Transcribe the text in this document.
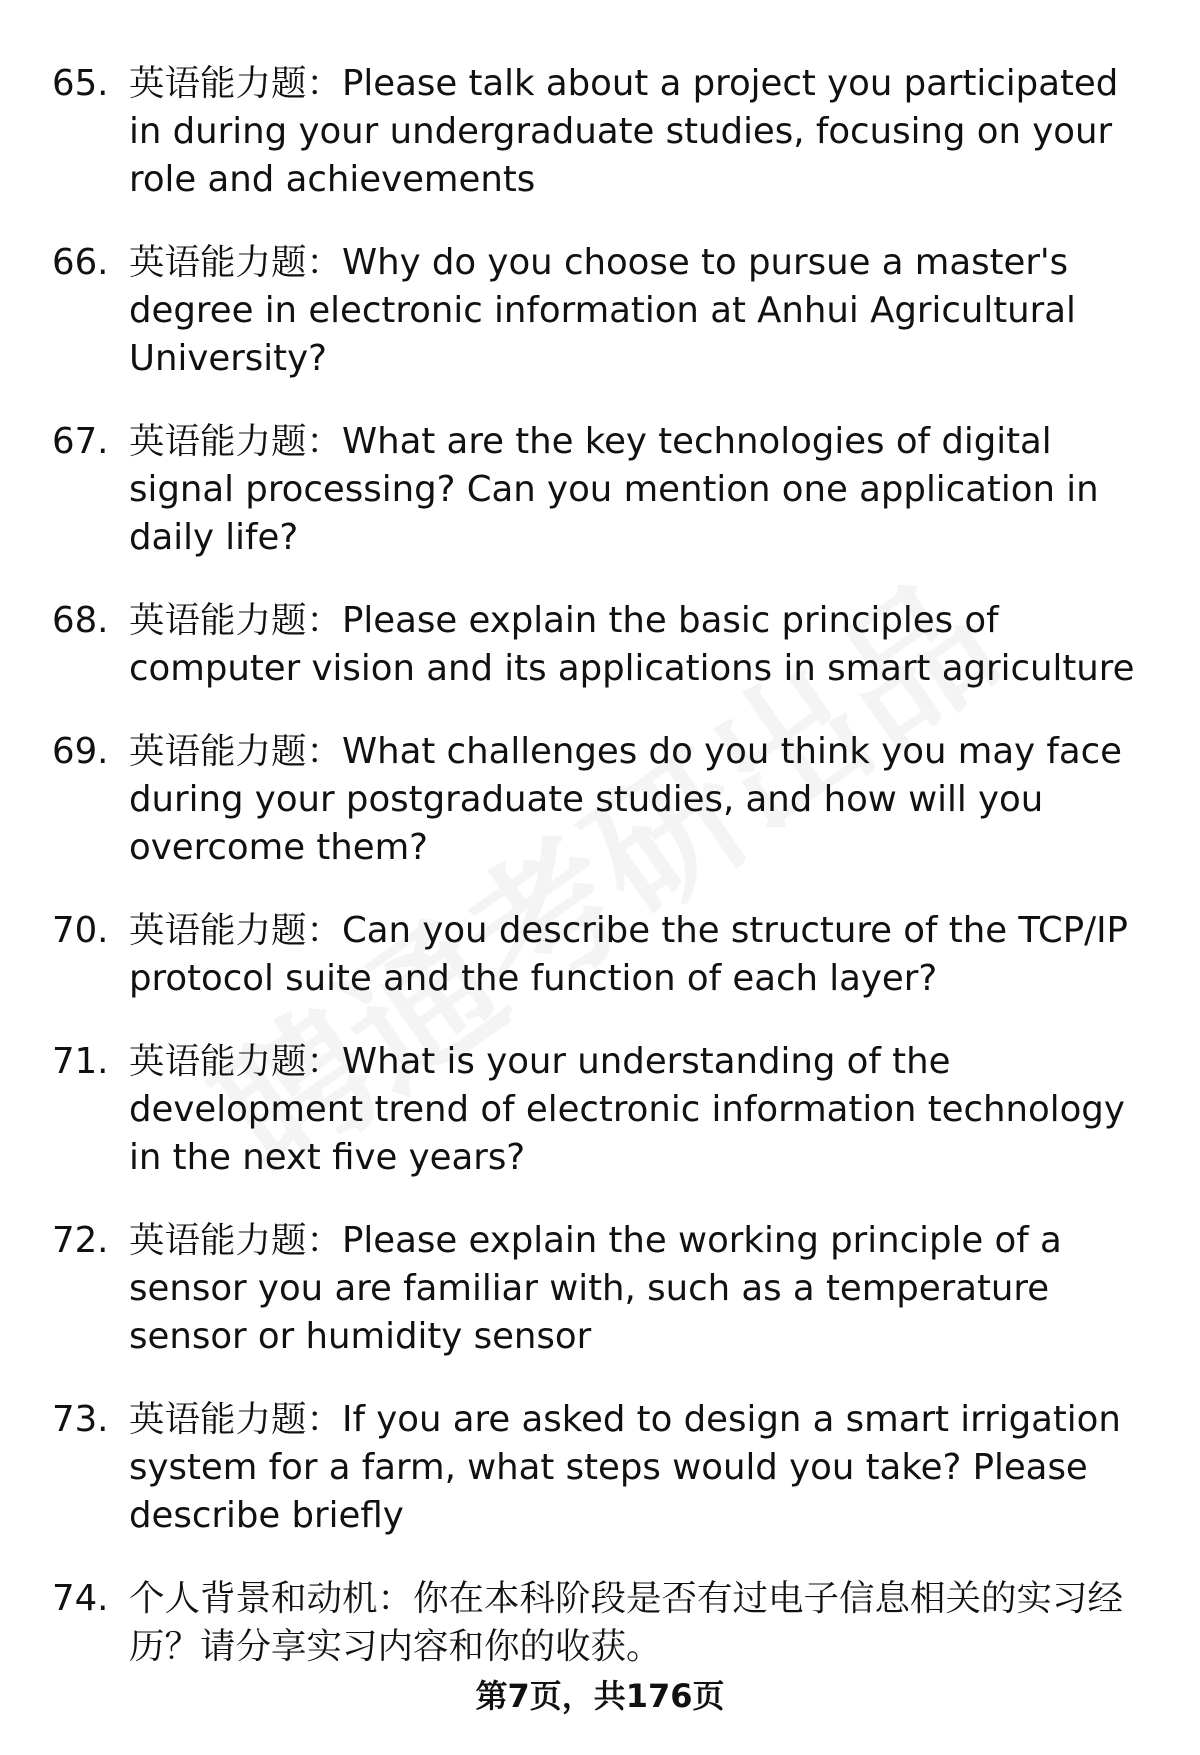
65. 英语能力题：Please talk about a project you participated in during your undergraduate studies, focusing on your role and achievements
66. 英语能力题：Why do you choose to pursue a master's degree in electronic information at Anhui Agricultural University?
67. 英语能力题：What are the key technologies of digital signal processing? Can you mention one application in daily life?
68. 英语能力题：Please explain the basic principles of computer vision and its applications in smart agriculture
69. 英语能力题：What challenges do you think you may face during your postgraduate studies, and how will you overcome them?
70. 英语能力题：Can you describe the structure of the TCP/IP protocol suite and the function of each layer?
71. 英语能力题：What is your understanding of the development trend of electronic information technology in the next five years?
72. 英语能力题：Please explain the working principle of a sensor you are familiar with, such as a temperature sensor or humidity sensor
73. 英语能力题：If you are asked to design a smart irrigation system for a farm, what steps would you take? Please describe briefly
74. 个人背景和动机：你在本科阶段是否有过电子信息相关的实习经历？请分享实习内容和你的收获。
第7页，共176页
